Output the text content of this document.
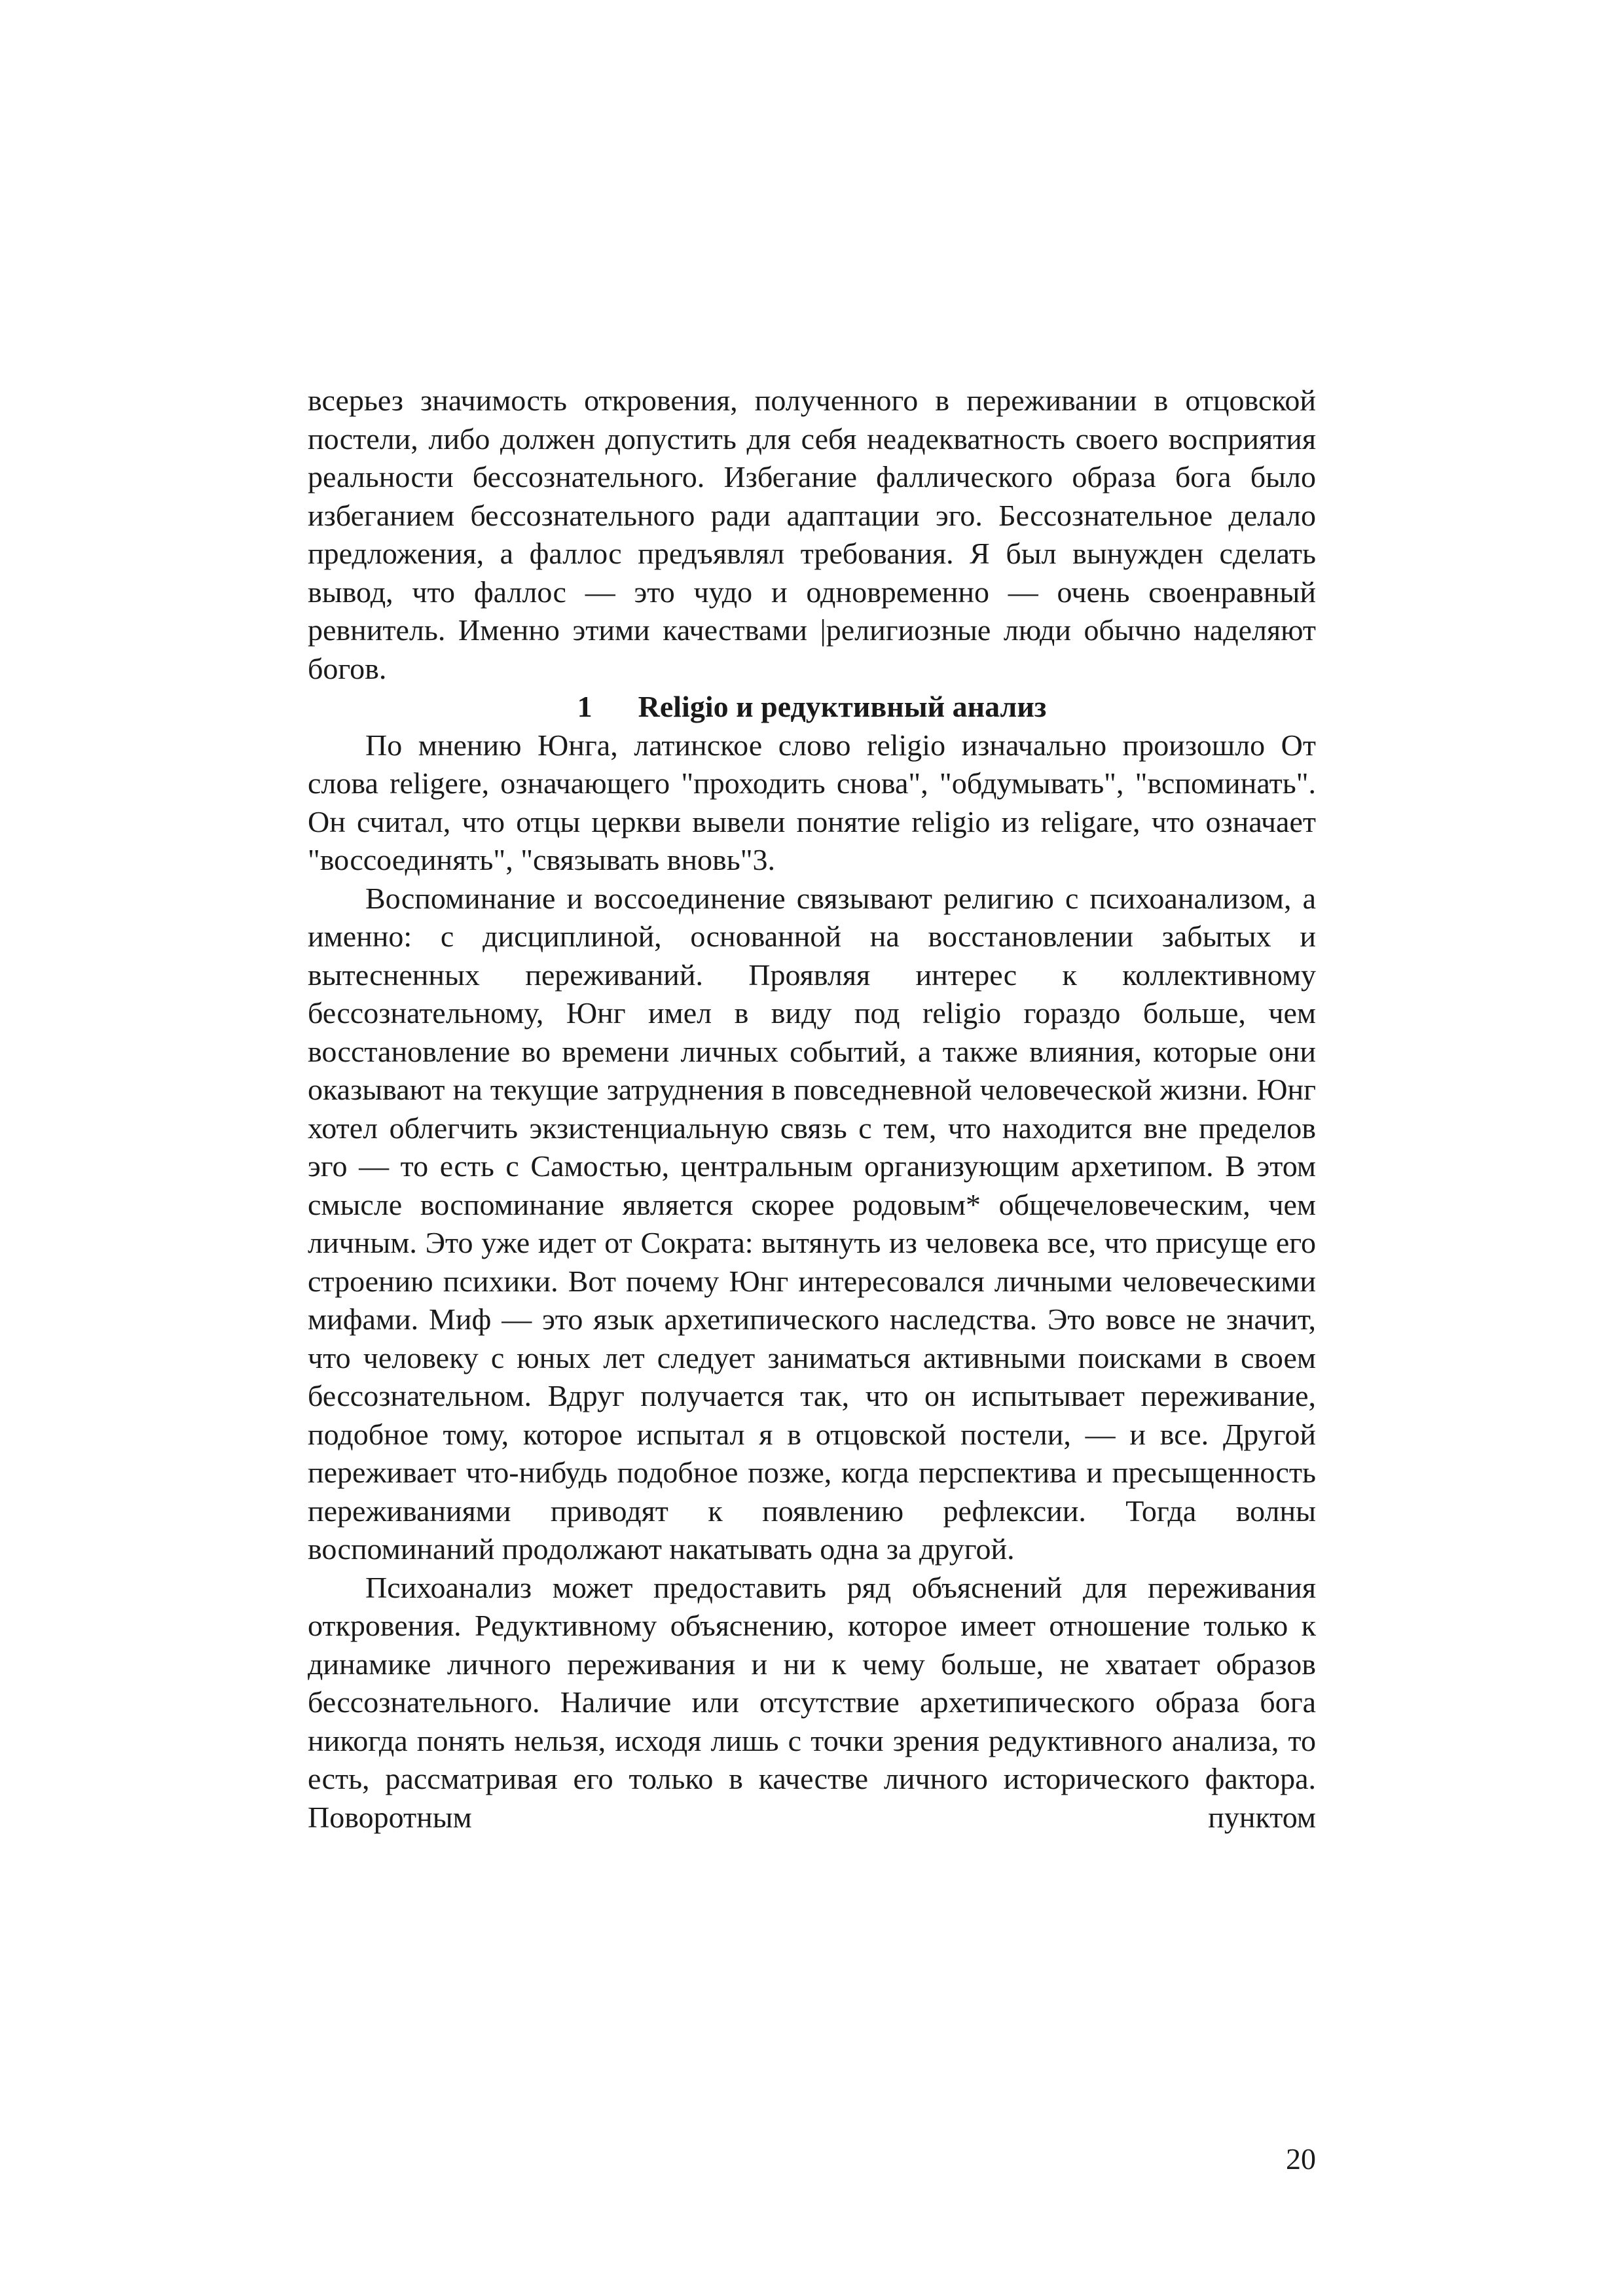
всерьез значимость откровения, полученного в переживании в отцовской постели, либо должен допустить для себя неадекватность своего восприятия реальности бессознательного. Избегание фаллического образа бога было избеганием бессознательного ради адаптации эго. Бессознательное делало предложения, а фаллос предъявлял требования. Я был вынужден сделать вывод, что фаллос — это чудо и одновременно — очень своенравный ревнитель. Именно этими качествами |религиозные люди обычно наделяют богов.

1 Religio и редуктивный анализ

По мнению Юнга, латинское слово religio изначально произошло От слова religere, означающего "проходить снова", "обдумывать", "вспоминать". Он считал, что отцы церкви вывели понятие religio из religare, что означает "воссоединять", "связывать вновь"3.

Воспоминание и воссоединение связывают религию с психоанализом, а именно: с дисциплиной, основанной на восстановлении забытых и вытесненных переживаний. Проявляя интерес к коллективному бессознательному, Юнг имел в виду под religio гораздо больше, чем восстановление во времени личных событий, а также влияния, которые они оказывают на текущие затруднения в повседневной человеческой жизни. Юнг хотел облегчить экзистенциальную связь с тем, что находится вне пределов эго — то есть с Самостью, центральным организующим архетипом. В этом смысле воспоминание является скорее родовым* общечеловеческим, чем личным. Это уже идет от Сократа: вытянуть из человека все, что присуще его строению психики. Вот почему Юнг интересовался личными человеческими мифами. Миф — это язык архетипического наследства. Это вовсе не значит, что человеку с юных лет следует заниматься активными поисками в своем бессознательном. Вдруг получается так, что он испытывает переживание, подобное тому, которое испытал я в отцовской постели, — и все. Другой переживает что-нибудь подобное позже, когда перспектива и пресыщенность переживаниями приводят к появлению рефлексии. Тогда волны воспоминаний продолжают накатывать одна за другой.

Психоанализ может предоставить ряд объяснений для переживания откровения. Редуктивному объяснению, которое имеет отношение только к динамике личного переживания и ни к чему больше, не хватает образов бессознательного. Наличие или отсутствие архетипического образа бога никогда понять нельзя, исходя лишь с точки зрения редуктивного анализа, то есть, рассматривая его только в качестве личного исторического фактора. Поворотным пунктом

20
